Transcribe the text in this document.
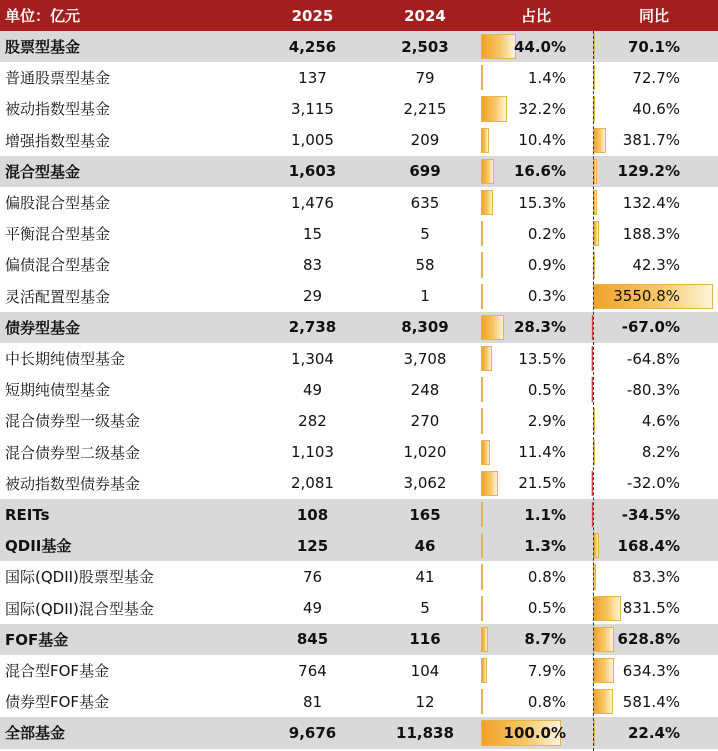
单位：亿元	2025	2024	占比	同比
股票型基金	4,256	2,503	44.0%	70.1%
普通股票型基金	137	79	1.4%	72.7%
被动指数型基金	3,115	2,215	32.2%	40.6%
增强指数型基金	1,005	209	10.4%	381.7%
混合型基金	1,603	699	16.6%	129.2%
偏股混合型基金	1,476	635	15.3%	132.4%
平衡混合型基金	15	5	0.2%	188.3%
偏债混合型基金	83	58	0.9%	42.3%
灵活配置型基金	29	1	0.3%	3550.8%
债券型基金	2,738	8,309	28.3%	-67.0%
中长期纯债型基金	1,304	3,708	13.5%	-64.8%
短期纯债型基金	49	248	0.5%	-80.3%
混合债券型一级基金	282	270	2.9%	4.6%
混合债券型二级基金	1,103	1,020	11.4%	8.2%
被动指数型债券基金	2,081	3,062	21.5%	-32.0%
REITs	108	165	1.1%	-34.5%
QDII基金	125	46	1.3%	168.4%
国际(QDII)股票型基金	76	41	0.8%	83.3%
国际(QDII)混合型基金	49	5	0.5%	831.5%
FOF基金	845	116	8.7%	628.8%
混合型FOF基金	764	104	7.9%	634.3%
债券型FOF基金	81	12	0.8%	581.4%
全部基金	9,676	11,838	100.0%	22.4%
